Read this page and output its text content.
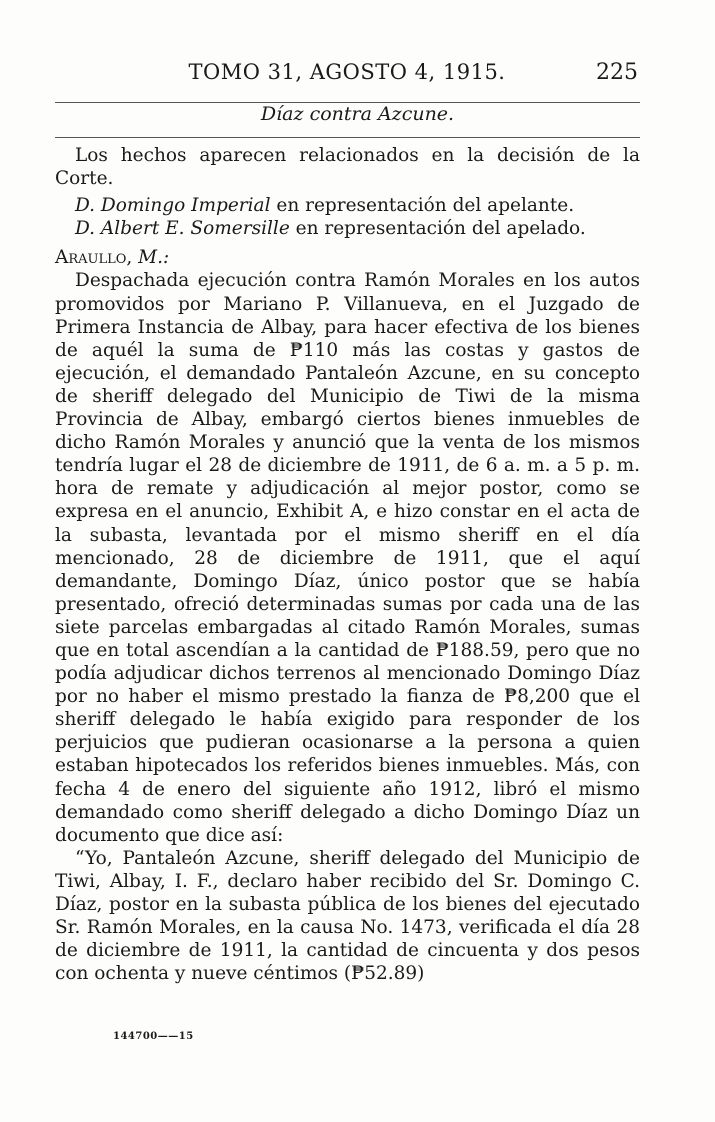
TOMO 31, AGOSTO 4, 1915.	225
Díaz contra Azcune.

Los hechos aparecen relacionados en la decisión de la Corte.

D. Domingo Imperial en representación del apelante.

D. Albert E. Somersille en representación del apelado.

Araullo, M.:

Despachada ejecución contra Ramón Morales en los autos promovidos por Mariano P. Villanueva, en el Juzgado de Primera Instancia de Albay, para hacer efectiva de los bienes de aquél la suma de ₱110 más las costas y gastos de ejecución, el demandado Pantaleón Azcune, en su concepto de sheriff delegado del Municipio de Tiwi de la misma Provincia de Albay, embargó ciertos bienes inmuebles de dicho Ramón Morales y anunció que la venta de los mismos tendría lugar el 28 de diciembre de 1911, de 6 a. m. a 5 p. m. hora de remate y adjudicación al mejor postor, como se expresa en el anuncio, Exhibit A, e hizo constar en el acta de la subasta, levantada por el mismo sheriff en el día mencionado, 28 de diciembre de 1911, que el aquí demandante, Domingo Díaz, único postor que se había presentado, ofreció determinadas sumas por cada una de las siete parcelas embargadas al citado Ramón Morales, sumas que en total ascendían a la cantidad de ₱188.59, pero que no podía adjudicar dichos terrenos al mencionado Domingo Díaz por no haber el mismo prestado la fianza de ₱8,200 que el sheriff delegado le había exigido para responder de los perjuicios que pudieran ocasionarse a la persona a quien estaban hipotecados los referidos bienes inmuebles. Más, con fecha 4 de enero del siguiente año 1912, libró el mismo demandado como sheriff delegado a dicho Domingo Díaz un documento que dice así:

“Yo, Pantaleón Azcune, sheriff delegado del Municipio de Tiwi, Albay, I. F., declaro haber recibido del Sr. Domingo C. Díaz, postor en la subasta pública de los bienes del ejecutado Sr. Ramón Morales, en la causa No. 1473, verificada el día 28 de diciembre de 1911, la cantidad de cincuenta y dos pesos con ochenta y nueve céntimos (₱52.89)

144700——15
